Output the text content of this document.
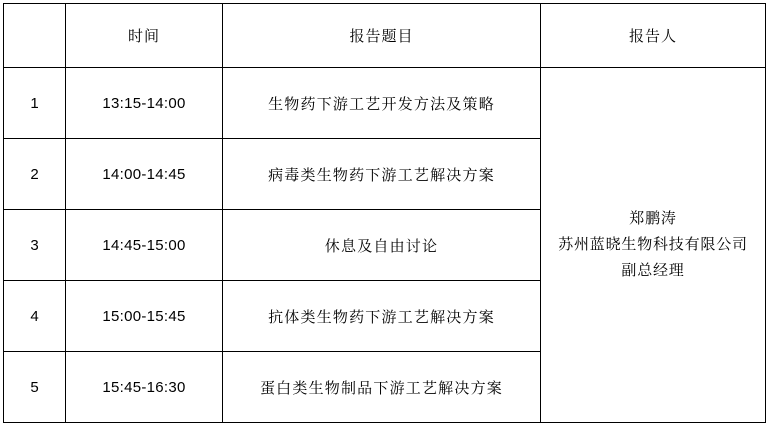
	时间	报告题目	报告人
1	13:15-14:00	生物药下游工艺开发方法及策略	郑鹏涛
苏州蓝晓生物科技有限公司
副总经理

2	14:00-14:45	病毒类生物药下游工艺解决方案	
3	14:45-15:00	休息及自由讨论	
4	15:00-15:45	抗体类生物药下游工艺解决方案	
5	15:45-16:30	蛋白类生物制品下游工艺解决方案	
